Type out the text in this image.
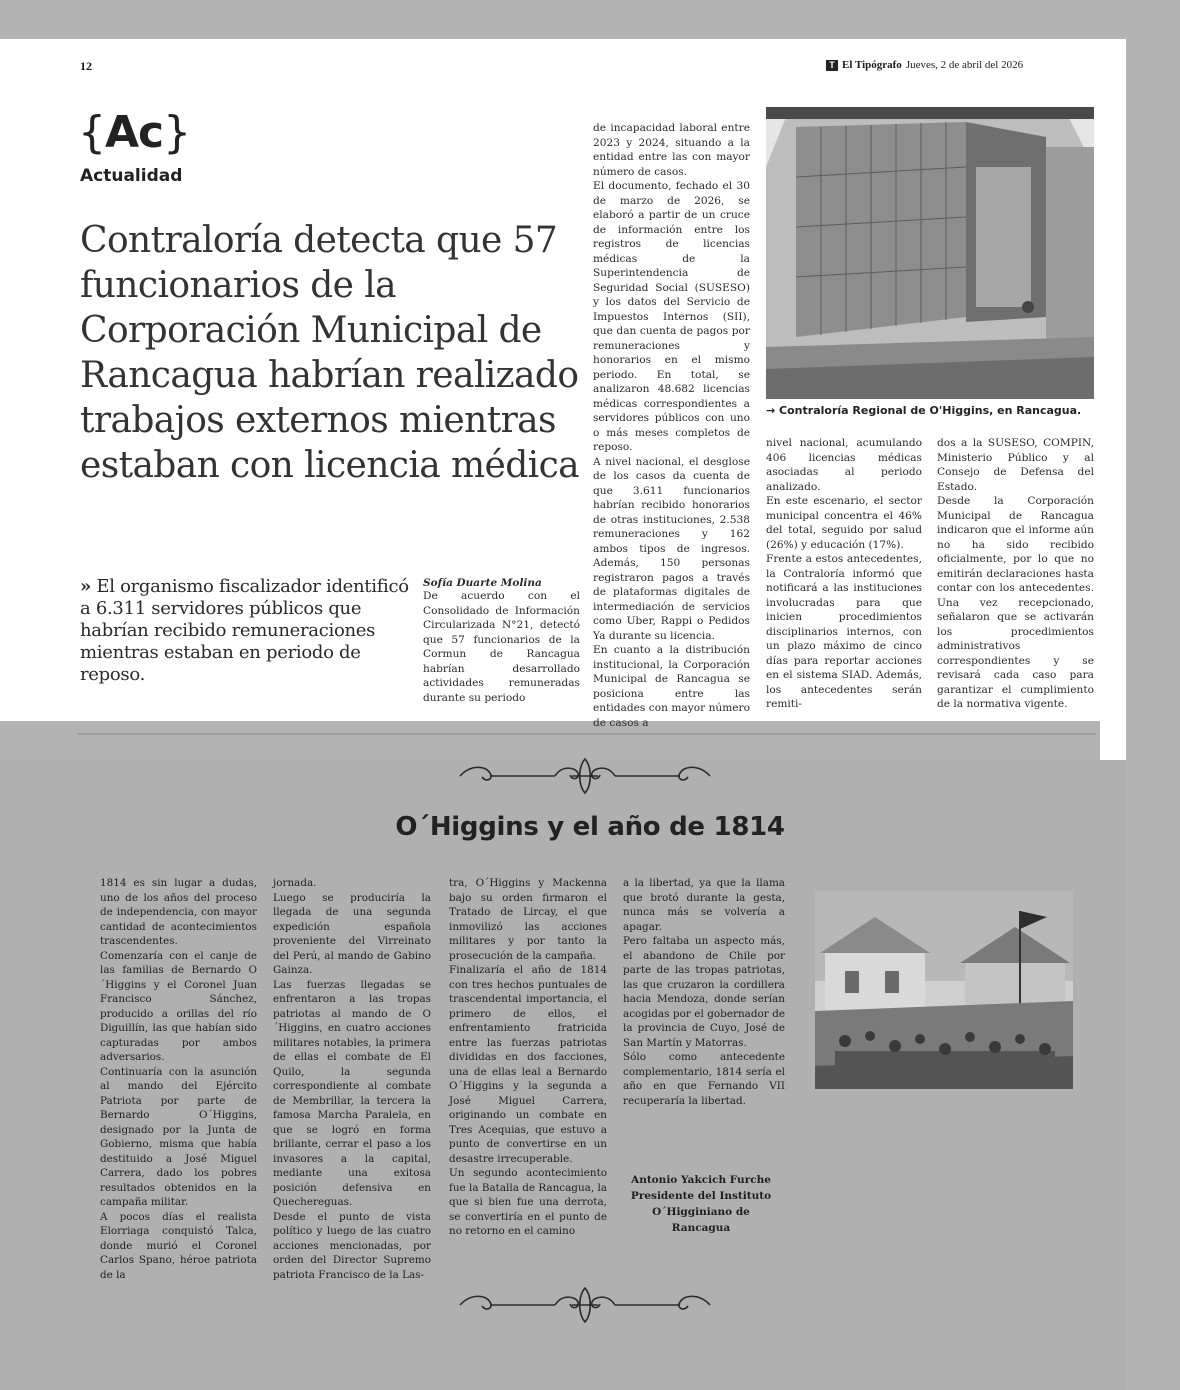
12	T El Tipógrafo Jueves, 2 de abril del 2026
{Ac}
Actualidad
Contraloría detecta que 57 funcionarios de la Corporación Municipal de Rancagua habrían realizado trabajos externos mientras estaban con licencia médica
» El organismo fiscalizador identificó a 6.311 servidores públicos que habrían recibido remuneraciones mientras estaban en periodo de reposo.
Sofía Duarte Molina

De acuerdo con el Consolidado de Información Circularizada N°21, detectó que 57 funcionarios de la Cormun de Rancagua habrían desarrollado actividades remuneradas durante su periodo

de incapacidad laboral entre 2023 y 2024, situando a la entidad entre las con mayor número de casos.

El documento, fechado el 30 de marzo de 2026, se elaboró a partir de un cruce de información entre los registros de licencias médicas de la Superintendencia de Seguridad Social (SUSESO) y los datos del Servicio de Impuestos Internos (SII), que dan cuenta de pagos por remuneraciones y honorarios en el mismo periodo. En total, se analizaron 48.682 licencias médicas correspondientes a servidores públicos con uno o más meses completos de reposo.

A nivel nacional, el desglose de los casos da cuenta de que 3.611 funcionarios habrían recibido honorarios de otras instituciones, 2.538 remuneraciones y 162 ambos tipos de ingresos. Además, 150 personas registraron pagos a través de plataformas digitales de intermediación de servicios como Uber, Rappi o Pedidos Ya durante su licencia.

En cuanto a la distribución institucional, la Corporación Municipal de Rancagua se posiciona entre las entidades con mayor número de casos a

→ Contraloría Regional de O'Higgins, en Rancagua.

nivel nacional, acumulando 406 licencias médicas asociadas al periodo analizado.

En este escenario, el sector municipal concentra el 46% del total, seguido por salud (26%) y educación (17%).

Frente a estos antecedentes, la Contraloría informó que notificará a las instituciones involucradas para que inicien procedimientos disciplinarios internos, con un plazo máximo de cinco días para reportar acciones en el sistema SIAD. Además, los antecedentes serán remiti-

dos a la SUSESO, COMPIN, Ministerio Público y al Consejo de Defensa del Estado.

Desde la Corporación Municipal de Rancagua indicaron que el informe aún no ha sido recibido oficialmente, por lo que no emitirán declaraciones hasta contar con los antecedentes. Una vez recepcionado, señalaron que se activarán los procedimientos administrativos correspondientes y se revisará cada caso para garantizar el cumplimiento de la normativa vigente.

O´Higgins y el año de 1814

1814 es sin lugar a dudas, uno de los años del proceso de independencia, con mayor cantidad de acontecimientos trascendentes.

Comenzaría con el canje de las familias de Bernardo O´Higgins y el Coronel Juan Francisco Sánchez, producido a orillas del río Diguillín, las que habían sido capturadas por ambos adversarios.

Continuaría con la asunción al mando del Ejército Patriota por parte de Bernardo O´Higgins, designado por la Junta de Gobierno, misma que había destituido a José Miguel Carrera, dado los pobres resultados obtenidos en la campaña militar.

A pocos días el realista Elorriaga conquistó Talca, donde murió el Coronel Carlos Spano, héroe patriota de la

jornada.

Luego se produciría la llegada de una segunda expedición española proveniente del Virreinato del Perú, al mando de Gabino Gainza.

Las fuerzas llegadas se enfrentaron a las tropas patriotas al mando de O´Higgins, en cuatro acciones militares notables, la primera de ellas el combate de El Quilo, la segunda correspondiente al combate de Membrillar, la tercera la famosa Marcha Paralela, en que se logró en forma brillante, cerrar el paso a los invasores a la capital, mediante una exitosa posición defensiva en Quechereguas.

Desde el punto de vista político y luego de las cuatro acciones mencionadas, por orden del Director Supremo patriota Francisco de la Las-

tra, O´Higgins y Mackenna bajo su orden firmaron el Tratado de Lircay, el que inmovilizó las acciones militares y por tanto la prosecución de la campaña.

Finalizaría el año de 1814 con tres hechos puntuales de trascendental importancia, el primero de ellos, el enfrentamiento fratricida entre las fuerzas patriotas divididas en dos facciones, una de ellas leal a Bernardo O´Higgins y la segunda a José Miguel Carrera, originando un combate en Tres Acequias, que estuvo a punto de convertirse en un desastre irrecuperable.

Un segundo acontecimiento fue la Batalla de Rancagua, la que si bien fue una derrota, se convertiría en el punto de no retorno en el camino

a la libertad, ya que la llama que brotó durante la gesta, nunca más se volvería a apagar.

Pero faltaba un aspecto más, el abandono de Chile por parte de las tropas patriotas, las que cruzaron la cordillera hacia Mendoza, donde serían acogidas por el gobernador de la provincia de Cuyo, José de San Martín y Matorras.

Sólo como antecedente complementario, 1814 sería el año en que Fernando VII recuperaría la libertad.

Antonio Yakcich Furche
Presidente del Instituto
O´Higginiano de
Rancagua
